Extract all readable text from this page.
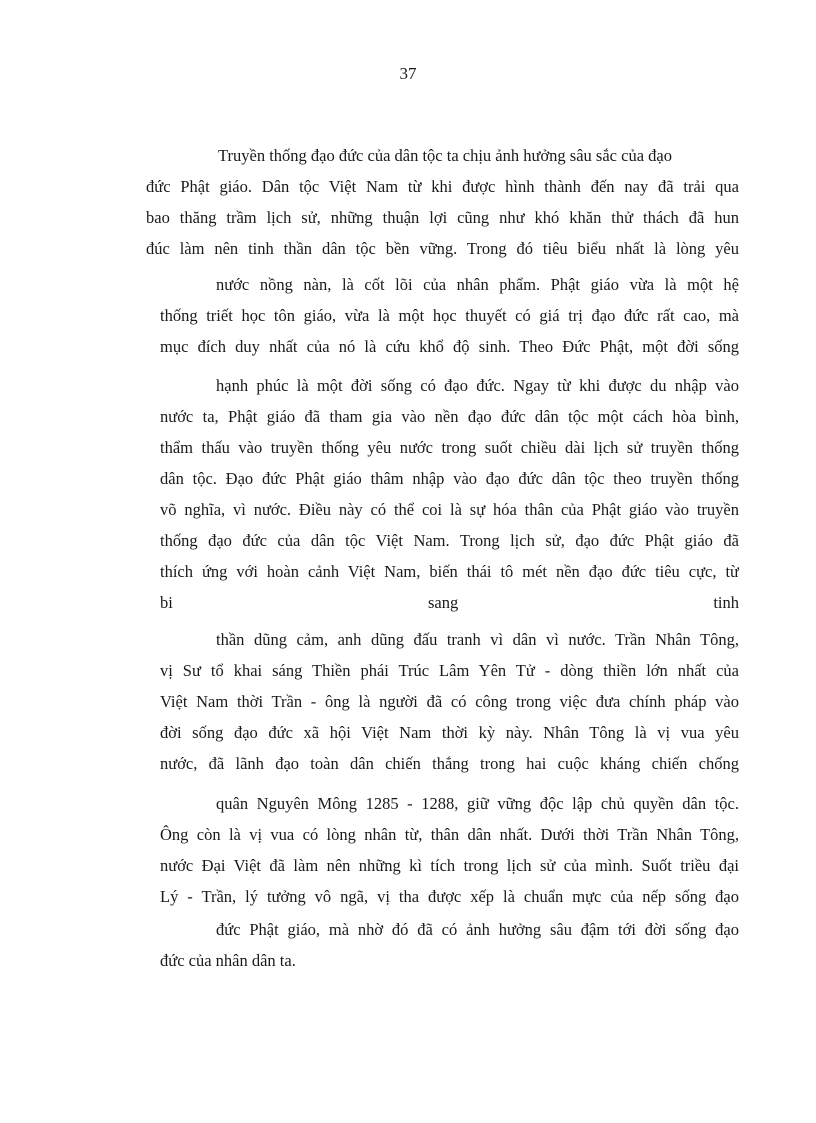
37
Truyền thống đạo đức của dân tộc ta chịu ảnh hưởng sâu sắc của đạo
đức Phật giáo. Dân tộc Việt Nam từ khi được hình thành đến nay đã trải qua
bao thăng trầm lịch sử, những thuận lợi cũng như khó khăn thử thách đã hun
đúc làm nên tinh thần dân tộc bền vững. Trong đó tiêu biểu nhất là lòng yêu
nước nồng nàn, là cốt lõi của nhân phẩm. Phật giáo vừa là một hệ
thống triết học tôn giáo, vừa là một học thuyết có giá trị đạo đức rất cao, mà
mục đích duy nhất của nó là cứu khổ độ sinh. Theo Đức Phật, một đời sống
hạnh phúc là một đời sống có đạo đức. Ngay từ khi được du nhập vào
nước ta, Phật giáo đã tham gia vào nền đạo đức dân tộc một cách hòa bình,
thẩm thấu vào truyền thống yêu nước trong suốt chiều dài lịch sử truyền thống
dân tộc. Đạo đức Phật giáo thâm nhập vào đạo đức dân tộc theo truyền thống
võ nghĩa, vì nước. Điều này có thể coi là sự hóa thân của Phật giáo vào truyền
thống đạo đức của dân tộc Việt Nam. Trong lịch sử, đạo đức Phật giáo đã
thích ứng với hoàn cảnh Việt Nam, biến thái tô mét nền đạo đức tiêu cực, từ
bi	sang	tinh
thần dũng cảm, anh dũng đấu tranh vì dân vì nước. Trần Nhân Tông,
vị Sư tổ khai sáng Thiền phái Trúc Lâm Yên Tử - dòng thiền lớn nhất của
Việt Nam thời Trần - ông là người đã có công trong việc đưa chính pháp vào
đời sống đạo đức xã hội Việt Nam thời kỳ này. Nhân Tông là vị vua yêu
nước, đã lãnh đạo toàn dân chiến thắng trong hai cuộc kháng chiến chống
quân Nguyên Mông 1285 - 1288, giữ vững độc lập chủ quyền dân tộc.
Ông còn là vị vua có lòng nhân từ, thân dân nhất. Dưới thời Trần Nhân Tông,
nước Đại Việt đã làm nên những kì tích trong lịch sử của mình. Suốt triều đại
Lý - Trần, lý tưởng vô ngã, vị tha được xếp là chuẩn mực của nếp sống đạo
đức Phật giáo, mà nhờ đó đã có ảnh hưởng sâu đậm tới đời sống đạo
đức của nhân dân ta.
